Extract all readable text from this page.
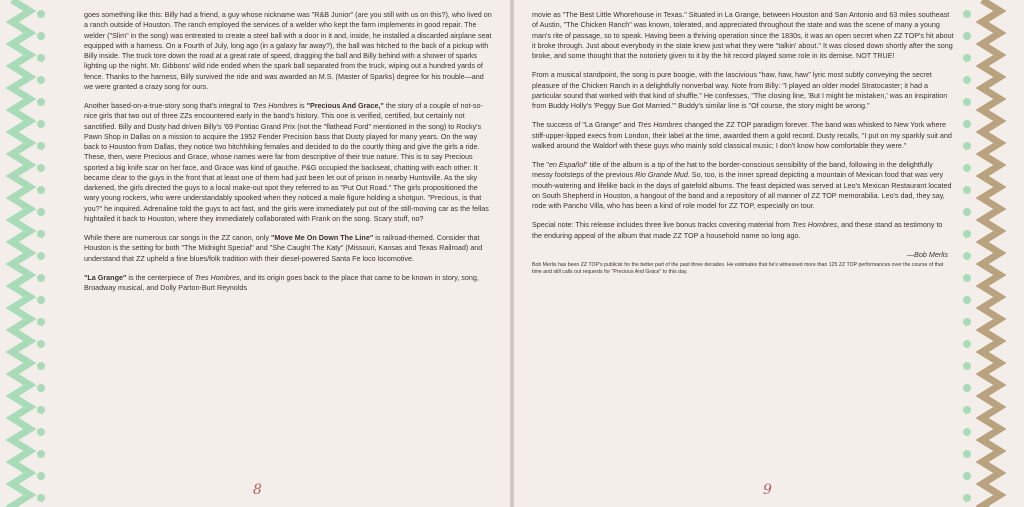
goes something like this: Billy had a friend, a guy whose nickname was "R&B Junior" (are you still with us on this?), who lived on a ranch outside of Houston. The ranch employed the services of a welder who kept the farm implements in good repair. The welder ("Slim" in the song) was entreated to create a steel ball with a door in it and, inside, he installed a discarded airplane seat equipped with a harness. On a Fourth of July, long ago (in a galaxy far away?), the ball was hitched to the back of a pickup with Billy inside. The truck tore down the road at a great rate of speed, dragging the ball and Billy behind with a shower of sparks lighting up the night. Mr. Gibbons' wild ride ended when the spark ball separated from the truck, wiping out a hundred yards of fence. Thanks to the harness, Billy survived the ride and was awarded an M.S. (Master of Sparks) degree for his trouble—and we were granted a crazy song for ours.

Another based-on-a-true-story song that's integral to Tres Hombres is "Precious And Grace," the story of a couple of not-so-nice girls that two out of three ZZs encountered early in the band's history. This one is verified, certified, but certainly not sanctified. Billy and Dusty had driven Billy's '69 Pontiac Grand Prix (not the "flathead Ford" mentioned in the song) to Rocky's Pawn Shop in Dallas on a mission to acquire the 1952 Fender Precision bass that Dusty played for many years. On the way back to Houston from Dallas, they notice two hitchhiking females and decided to do the courtly thing and give the girls a ride. These, then, were Precious and Grace, whose names were far from descriptive of their true nature. This is to say Precious sported a big knife scar on her face, and Grace was kind of gauche. P&G occupied the backseat, chatting with each other. It became clear to the guys in the front that at least one of them had just been let out of prison in nearby Huntsville. As the sky darkened, the girls directed the guys to a local make-out spot they referred to as "Put Out Road." The girls propositioned the wary young rockers, who were understandably spooked when they noticed a male figure holding a shotgun. "Precious, is that you?" he inquired. Adrenaline told the guys to act fast, and the girls were immediately put out of the still-moving car as the fellas hightailed it back to Houston, where they immediately collaborated with Frank on the song. Scary stuff, no?

While there are numerous car songs in the ZZ canon, only "Move Me On Down The Line" is railroad-themed. Consider that Houston is the setting for both "The Midnight Special" and "She Caught The Katy" (Missouri, Kansas and Texas Railroad) and understand that ZZ upheld a fine blues/folk tradition with their diesel-powered Santa Fe loco locomotive.

"La Grange" is the centerpiece of Tres Hombres, and its origin goes back to the place that came to be known in story, song, Broadway musical, and Dolly Parton-Burt Reynolds

8

movie as "The Best Little Whorehouse in Texas." Situated in La Grange, between Houston and San Antonio and 63 miles southeast of Austin, "The Chicken Ranch" was known, tolerated, and appreciated throughout the state and was the scene of many a young man's rite of passage, so to speak. Having been a thriving operation since the 1830s, it was an open secret when ZZ TOP's hit about it broke through. Just about everybody in the state knew just what they were "talkin' about." It was closed down shortly after the song broke, and some thought that the notoriety given to it by the hit record played some role in its demise. NOT TRUE!

From a musical standpoint, the song is pure boogie, with the lascivious "haw, haw, haw" lyric most subtly conveying the secret pleasure of the Chicken Ranch in a delightfully nonverbal way. Note from Billy: "I played an older model Stratocaster; it had a particular sound that worked with that kind of shuffle." He confesses, "The closing line, 'But I might be mistaken,' was an inspiration from Buddy Holly's 'Peggy Sue Got Married.'" Buddy's similar line is "Of course, the story might be wrong."

The success of "La Grange" and Tres Hombres changed the ZZ TOP paradigm forever. The band was whisked to New York where stiff-upper-lipped execs from London, their label at the time, awarded them a gold record. Dusty recalls, "I put on my sparkly suit and walked around the Waldorf with these guys who mainly sold classical music; I don't know how comfortable they were."

The "en Español" title of the album is a tip of the hat to the border-conscious sensibility of the band, following in the delightfully messy footsteps of the previous Rio Grande Mud. So, too, is the inner spread depicting a mountain of Mexican food that was very mouth-watering and lifelike back in the days of gatefold albums. The feast depicted was served at Leo's Mexican Restaurant located on South Shepherd in Houston, a hangout of the band and a repository of all manner of ZZ TOP memorabilia. Leo's dad, they say, rode with Pancho Villa, who has been a kind of role model for ZZ TOP, especially on tour.

Special note: This release includes three live bonus tracks covering material from Tres Hombres, and these stand as testimony to the enduring appeal of the album that made ZZ TOP a household name so long ago.

—Bob Merlis

Bob Merlis has been ZZ TOP's publicist for the better part of the past three decades. He estimates that he's witnessed more than 125 ZZ TOP performances over the course of that time and still calls out requests for "Precious And Grace" to this day.

9
